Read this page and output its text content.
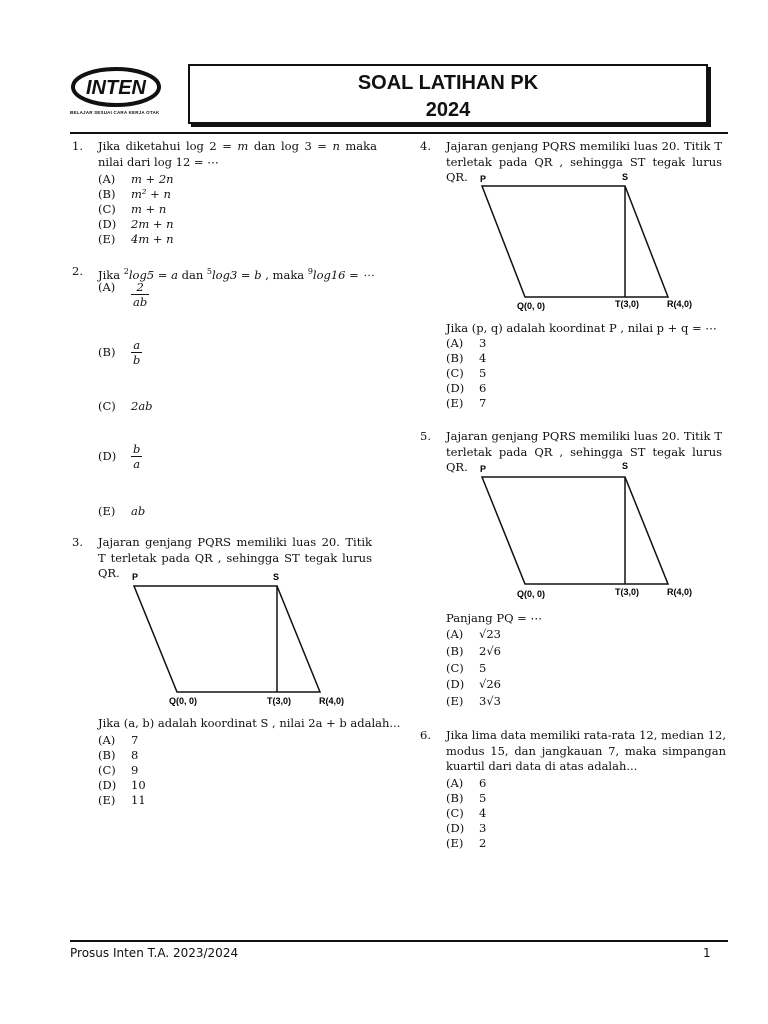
INTEN
BELAJAR SESUAI CARA KERJA OTAK
SOAL LATIHAN PK
2024
1. Jika diketahui log 2 = m dan log 3 = n maka nilai dari log 12 = ⋯
(A) m + 2n
(B) m² + n
(C) m + n
(D) 2m + n
(E) 4m + n
2. Jika $^2$log5 = a dan $^5$log3 = b , maka $^9$log16 = ⋯
$(A) \frac{2}{ab}$
$(B) \frac{a}{b}$
(C) 2ab
$(D) \frac{b}{a}$
(E) ab
3. Jajaran genjang PQRS memiliki luas 20. Titik T terletak pada QR , sehingga ST tegak lurus QR.	P	S
Q(0, 0)	T(3,0)	R(4,0)
Jika (a, b) adalah koordinat S , nilai 2a + b adalah...
(A) 7
(B) 8
(C) 9
(D) 10
(E) 11
4. Jajaran genjang PQRS memiliki luas 20. Titik T terletak pada QR , sehingga ST tegak lurus QR.	P	S
Q(0, 0)	T(3,0)	R(4,0)
Jika (p, q) adalah koordinat P , nilai p + q = ⋯
(A) 3
(B) 4
(C) 5
(D) 6
(E) 7
5. Jajaran genjang PQRS memiliki luas 20. Titik T terletak pada QR , sehingga ST tegak lurus QR.	P	S
Q(0, 0)	T(3,0)	R(4,0)
Panjang PQ = ⋯
(A) √23
(B) 2√6
(C) 5
(D) √26
(E) 3√3
6. Jika lima data memiliki rata-rata 12, median 12, modus 15, dan jangkauan 7, maka simpangan kuartil dari data di atas adalah...
(A) 6
(B) 5
(C) 4
(D) 3
(E) 2
Prosus Inten T.A. 2023/2024	1
